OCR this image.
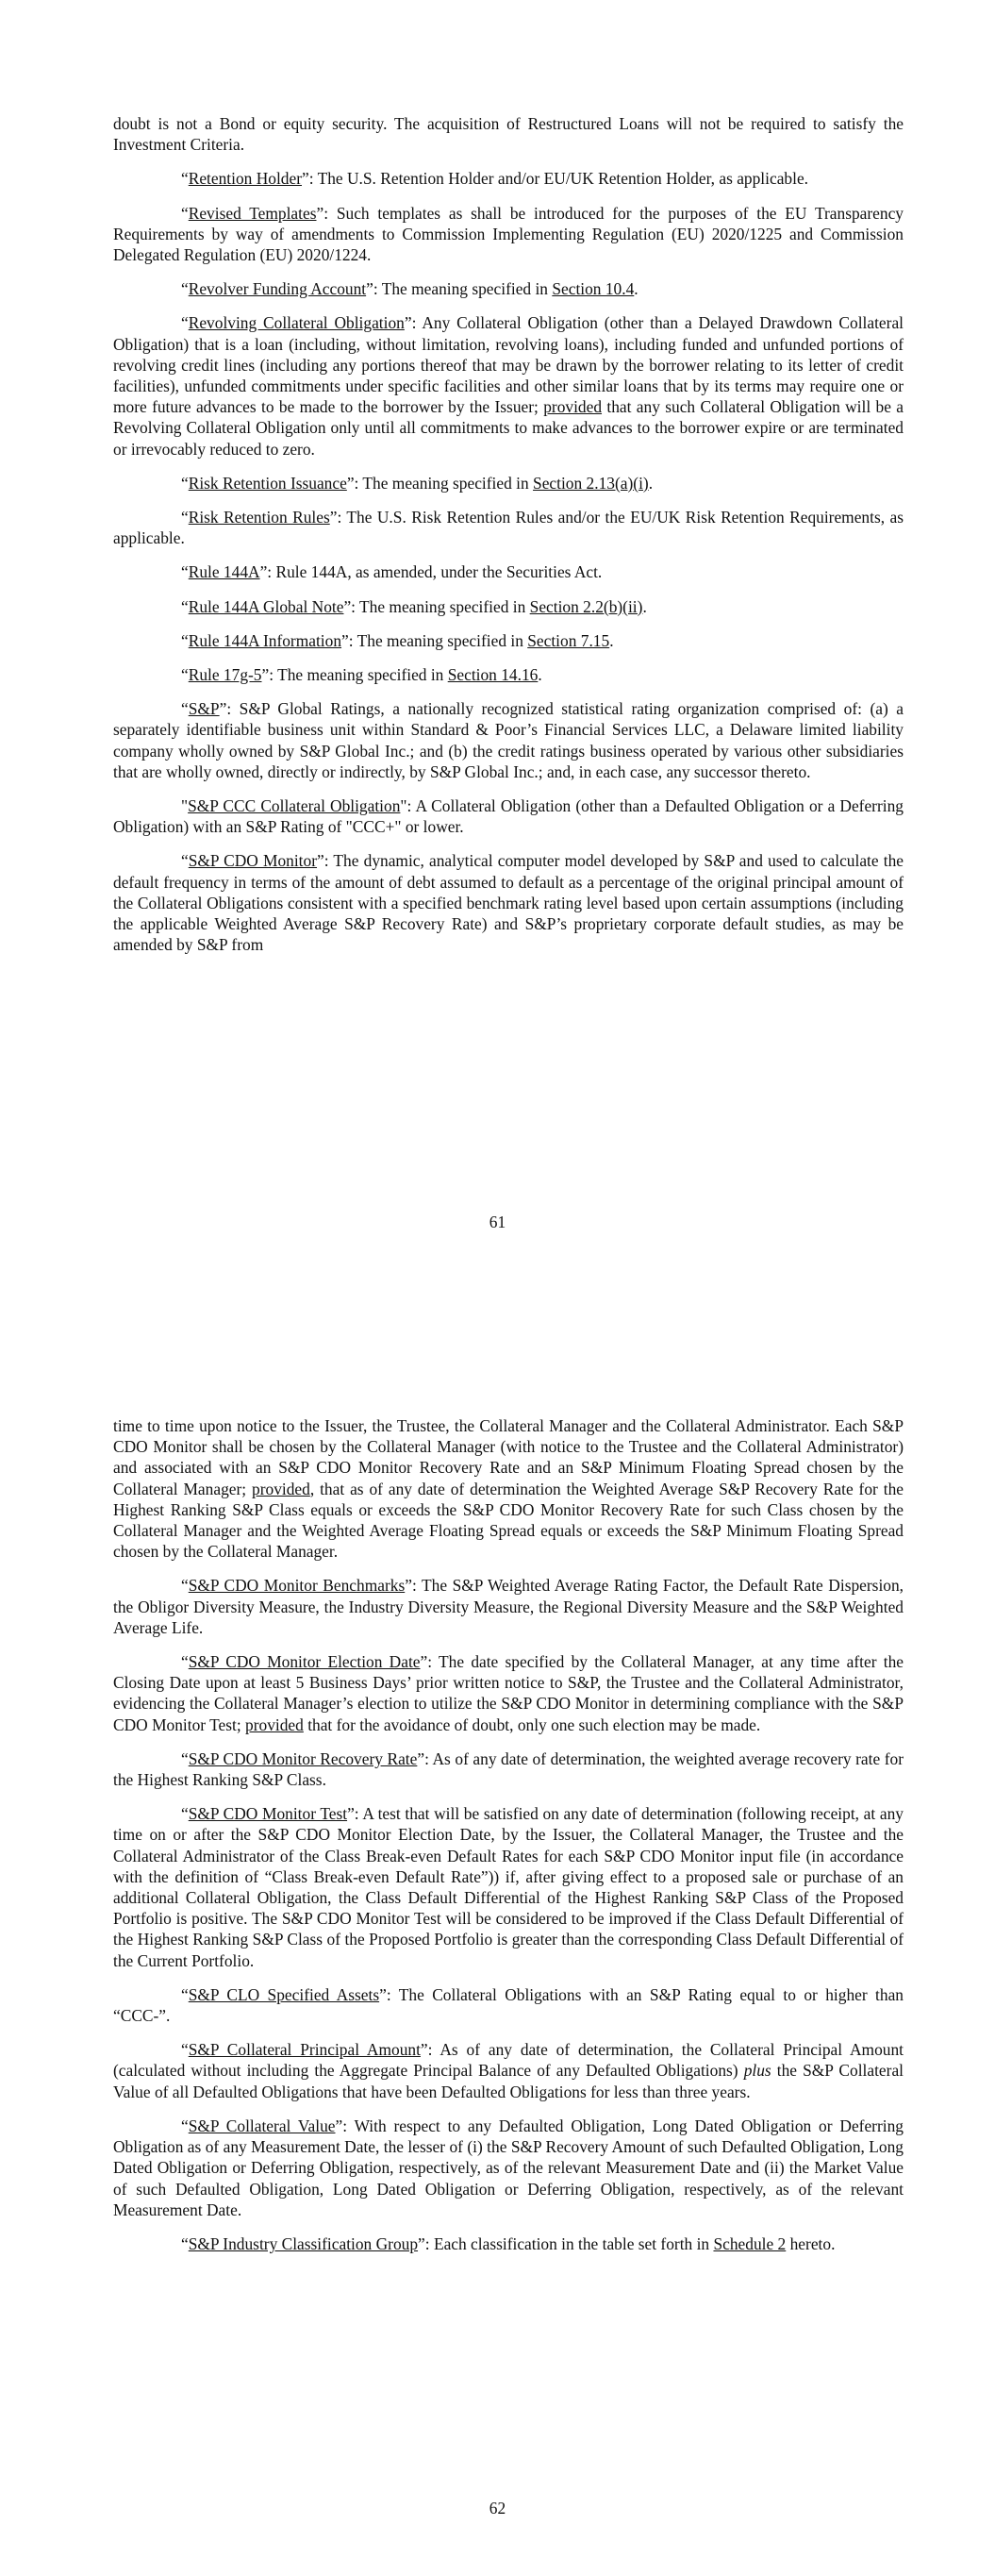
doubt is not a Bond or equity security. The acquisition of Restructured Loans will not be required to satisfy the Investment Criteria.

“Retention Holder”: The U.S. Retention Holder and/or EU/UK Retention Holder, as applicable.

“Revised Templates”: Such templates as shall be introduced for the purposes of the EU Transparency Requirements by way of amendments to Commission Implementing Regulation (EU) 2020/1225 and Commission Delegated Regulation (EU) 2020/1224.

“Revolver Funding Account”: The meaning specified in Section 10.4.

“Revolving Collateral Obligation”: Any Collateral Obligation (other than a Delayed Drawdown Collateral Obligation) that is a loan (including, without limitation, revolving loans), including funded and unfunded portions of revolving credit lines (including any portions thereof that may be drawn by the borrower relating to its letter of credit facilities), unfunded commitments under specific facilities and other similar loans that by its terms may require one or more future advances to be made to the borrower by the Issuer; provided that any such Collateral Obligation will be a Revolving Collateral Obligation only until all commitments to make advances to the borrower expire or are terminated or irrevocably reduced to zero.

“Risk Retention Issuance”: The meaning specified in Section 2.13(a)(i).

“Risk Retention Rules”: The U.S. Risk Retention Rules and/or the EU/UK Risk Retention Requirements, as applicable.

“Rule 144A”: Rule 144A, as amended, under the Securities Act.

“Rule 144A Global Note”: The meaning specified in Section 2.2(b)(ii).

“Rule 144A Information”: The meaning specified in Section 7.15.

“Rule 17g-5”: The meaning specified in Section 14.16.

“S&P”: S&P Global Ratings, a nationally recognized statistical rating organization comprised of: (a) a separately identifiable business unit within Standard & Poor’s Financial Services LLC, a Delaware limited liability company wholly owned by S&P Global Inc.; and (b) the credit ratings business operated by various other subsidiaries that are wholly owned, directly or indirectly, by S&P Global Inc.; and, in each case, any successor thereto.

"S&P CCC Collateral Obligation": A Collateral Obligation (other than a Defaulted Obligation or a Deferring Obligation) with an S&P Rating of "CCC+" or lower.

“S&P CDO Monitor”: The dynamic, analytical computer model developed by S&P and used to calculate the default frequency in terms of the amount of debt assumed to default as a percentage of the original principal amount of the Collateral Obligations consistent with a specified benchmark rating level based upon certain assumptions (including the applicable Weighted Average S&P Recovery Rate) and S&P’s proprietary corporate default studies, as may be amended by S&P from

61

time to time upon notice to the Issuer, the Trustee, the Collateral Manager and the Collateral Administrator. Each S&P CDO Monitor shall be chosen by the Collateral Manager (with notice to the Trustee and the Collateral Administrator) and associated with an S&P CDO Monitor Recovery Rate and an S&P Minimum Floating Spread chosen by the Collateral Manager; provided, that as of any date of determination the Weighted Average S&P Recovery Rate for the Highest Ranking S&P Class equals or exceeds the S&P CDO Monitor Recovery Rate for such Class chosen by the Collateral Manager and the Weighted Average Floating Spread equals or exceeds the S&P Minimum Floating Spread chosen by the Collateral Manager.

“S&P CDO Monitor Benchmarks”: The S&P Weighted Average Rating Factor, the Default Rate Dispersion, the Obligor Diversity Measure, the Industry Diversity Measure, the Regional Diversity Measure and the S&P Weighted Average Life.

“S&P CDO Monitor Election Date”: The date specified by the Collateral Manager, at any time after the Closing Date upon at least 5 Business Days’ prior written notice to S&P, the Trustee and the Collateral Administrator, evidencing the Collateral Manager’s election to utilize the S&P CDO Monitor in determining compliance with the S&P CDO Monitor Test; provided that for the avoidance of doubt, only one such election may be made.

“S&P CDO Monitor Recovery Rate”: As of any date of determination, the weighted average recovery rate for the Highest Ranking S&P Class.

“S&P CDO Monitor Test”: A test that will be satisfied on any date of determination (following receipt, at any time on or after the S&P CDO Monitor Election Date, by the Issuer, the Collateral Manager, the Trustee and the Collateral Administrator of the Class Break-even Default Rates for each S&P CDO Monitor input file (in accordance with the definition of “Class Break-even Default Rate”)) if, after giving effect to a proposed sale or purchase of an additional Collateral Obligation, the Class Default Differential of the Highest Ranking S&P Class of the Proposed Portfolio is positive. The S&P CDO Monitor Test will be considered to be improved if the Class Default Differential of the Highest Ranking S&P Class of the Proposed Portfolio is greater than the corresponding Class Default Differential of the Current Portfolio.

“S&P CLO Specified Assets”: The Collateral Obligations with an S&P Rating equal to or higher than “CCC-”.

“S&P Collateral Principal Amount”: As of any date of determination, the Collateral Principal Amount (calculated without including the Aggregate Principal Balance of any Defaulted Obligations) plus the S&P Collateral Value of all Defaulted Obligations that have been Defaulted Obligations for less than three years.

“S&P Collateral Value”: With respect to any Defaulted Obligation, Long Dated Obligation or Deferring Obligation as of any Measurement Date, the lesser of (i) the S&P Recovery Amount of such Defaulted Obligation, Long Dated Obligation or Deferring Obligation, respectively, as of the relevant Measurement Date and (ii) the Market Value of such Defaulted Obligation, Long Dated Obligation or Deferring Obligation, respectively, as of the relevant Measurement Date.

“S&P Industry Classification Group”: Each classification in the table set forth in Schedule 2 hereto.

62
